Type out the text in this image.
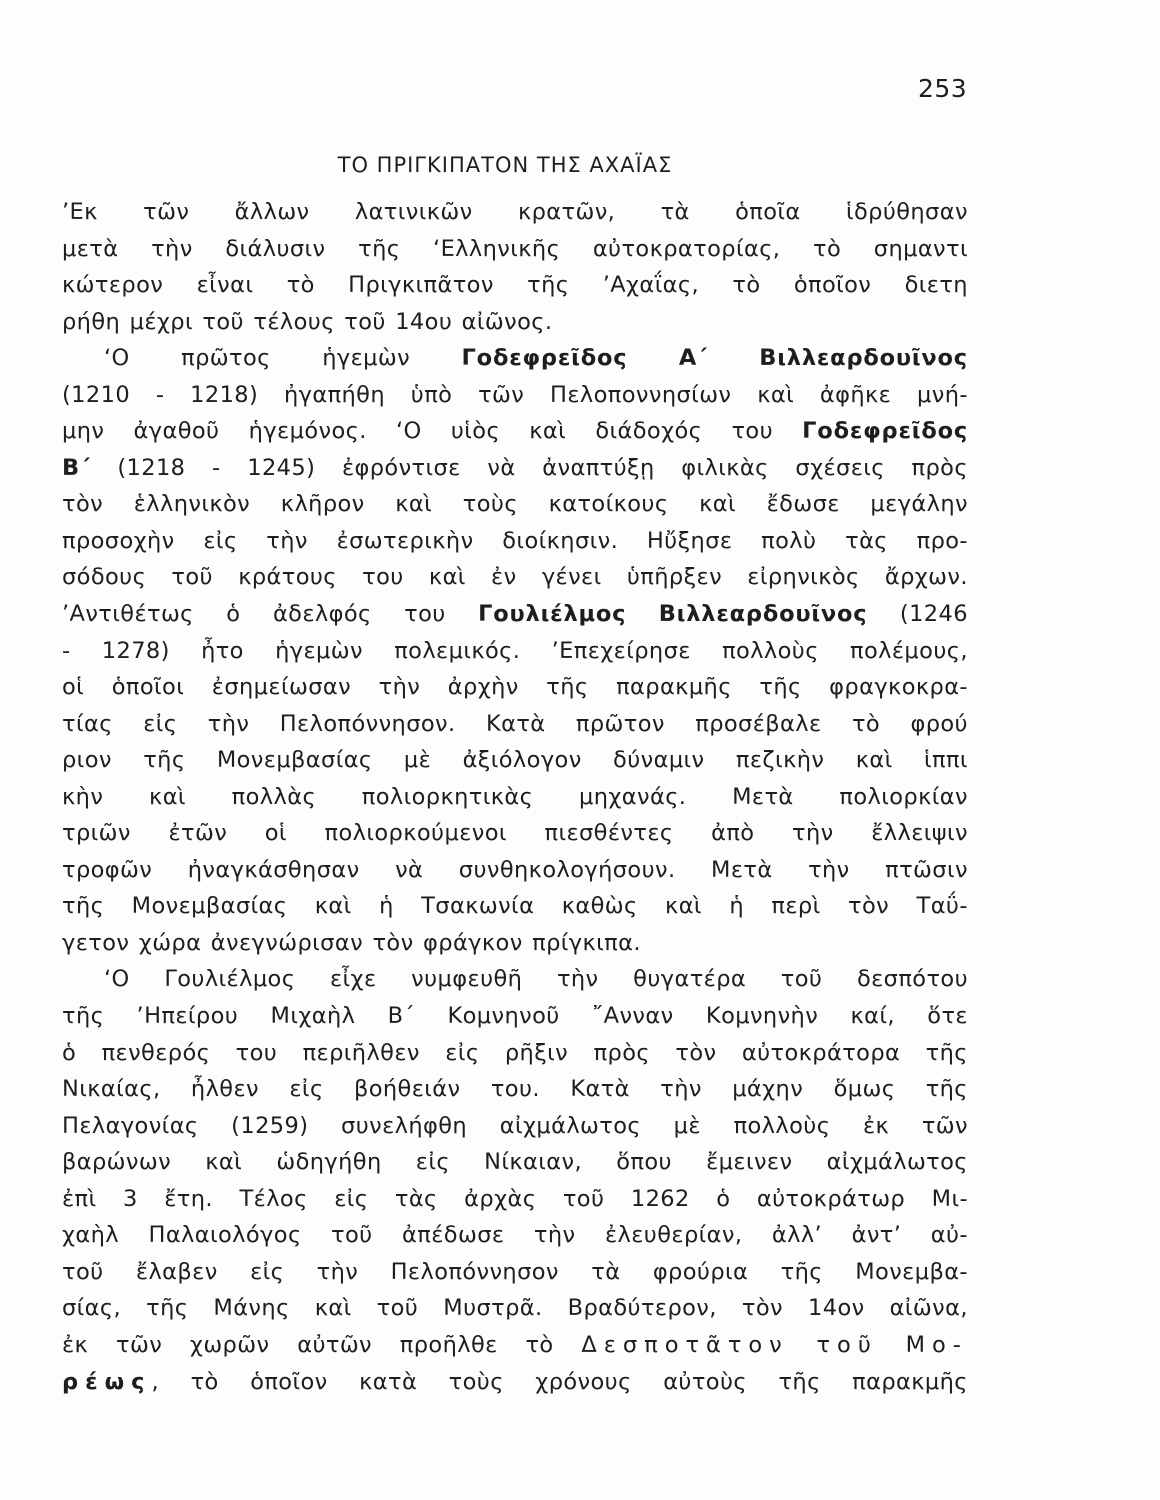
253
ΤΟ ΠΡΙΓΚΙΠΑΤΟΝ ΤΗΣ ΑΧΑΪΑΣ
’Εκ τῶν ἄλλων λατινικῶν κρατῶν, τὰ ὁποῖα ἱδρύθησαν
μετὰ τὴν διάλυσιν τῆς ‘Ελληνικῆς αὐτοκρατορίας, τὸ σημαντι
κώτερον εἶναι τὸ Πριγκιπᾶτον τῆς ’Αχαΐας, τὸ ὁποῖον διετη
ρήθη μέχρι τοῦ τέλους τοῦ 14ου αἰῶνος.
‘Ο πρῶτος ἡγεμὼν Γοδεφρεῖδος Α΄ Βιλλεαρδουῖνος
(1210 - 1218) ἠγαπήθη ὑπὸ τῶν Πελοποννησίων καὶ ἀφῆκε μνή-
μην ἀγαθοῦ ἡγεμόνος. ‘Ο υἱὸς καὶ διάδοχός του Γοδεφρεῖδος
Β΄ (1218 - 1245) ἐφρόντισε νὰ ἀναπτύξῃ φιλικὰς σχέσεις πρὸς
τὸν ἑλληνικὸν κλῆρον καὶ τοὺς κατοίκους καὶ ἔδωσε μεγάλην
προσοχὴν εἰς τὴν ἐσωτερικὴν διοίκησιν. Ηὔξησε πολὺ τὰς προ-
σόδους τοῦ κράτους του καὶ ἐν γένει ὑπῆρξεν εἰρηνικὸς ἄρχων.
’Αντιθέτως ὁ ἀδελφός του Γουλιέλμος Βιλλεαρδουῖνος (1246
- 1278) ἦτο ἡγεμὼν πολεμικός. ’Επεχείρησε πολλοὺς πολέμους,
οἱ ὁποῖοι ἐσημείωσαν τὴν ἀρχὴν τῆς παρακμῆς τῆς φραγκοκρα-
τίας εἰς τὴν Πελοπόννησον. Κατὰ πρῶτον προσέβαλε τὸ φρού
ριον τῆς Μονεμβασίας μὲ ἀξιόλογον δύναμιν πεζικὴν καὶ ἱππι
κὴν καὶ πολλὰς πολιορκητικὰς μηχανάς. Μετὰ πολιορκίαν
τριῶν ἐτῶν οἱ πολιορκούμενοι πιεσθέντες ἀπὸ τὴν ἔλλειψιν
τροφῶν ἠναγκάσθησαν νὰ συνθηκολογήσουν. Μετὰ τὴν πτῶσιν
τῆς Μονεμβασίας καὶ ἡ Τσακωνία καθὼς καὶ ἡ περὶ τὸν Ταΰ-
γετον χώρα ἀνεγνώρισαν τὸν φράγκον πρίγκιπα.
‘Ο Γουλιέλμος εἶχε νυμφευθῆ τὴν θυγατέρα τοῦ δεσπότου
τῆς ’Ηπείρου Μιχαὴλ Β΄ Κομνηνοῦ ῎Ανναν Κομνηνὴν καί, ὅτε
ὁ πενθερός του περιῆλθεν εἰς ρῆξιν πρὸς τὸν αὐτοκράτορα τῆς
Νικαίας, ἦλθεν εἰς βοήθειάν του. Κατὰ τὴν μάχην ὅμως τῆς
Πελαγονίας (1259) συνελήφθη αἰχμάλωτος μὲ πολλοὺς ἐκ τῶν
βαρώνων καὶ ὡδηγήθη εἰς Νίκαιαν, ὅπου ἔμεινεν αἰχμάλωτος
ἐπὶ 3 ἔτη. Τέλος εἰς τὰς ἀρχὰς τοῦ 1262 ὁ αὐτοκράτωρ Μι-
χαὴλ Παλαιολόγος τοῦ ἀπέδωσε τὴν ἐλευθερίαν, ἀλλ’ ἀντ’ αὐ-
τοῦ ἔλαβεν εἰς τὴν Πελοπόννησον τὰ φρούρια τῆς Μονεμβα-
σίας, τῆς Μάνης καὶ τοῦ Μυστρᾶ. Βραδύτερον, τὸν 14ον αἰῶνα,
ἐκ τῶν χωρῶν αὐτῶν προῆλθε τὸ Δεσποτᾶτον τοῦ Μο-
ρέως, τὸ ὁποῖον κατὰ τοὺς χρόνους αὐτοὺς τῆς παρακμῆς
